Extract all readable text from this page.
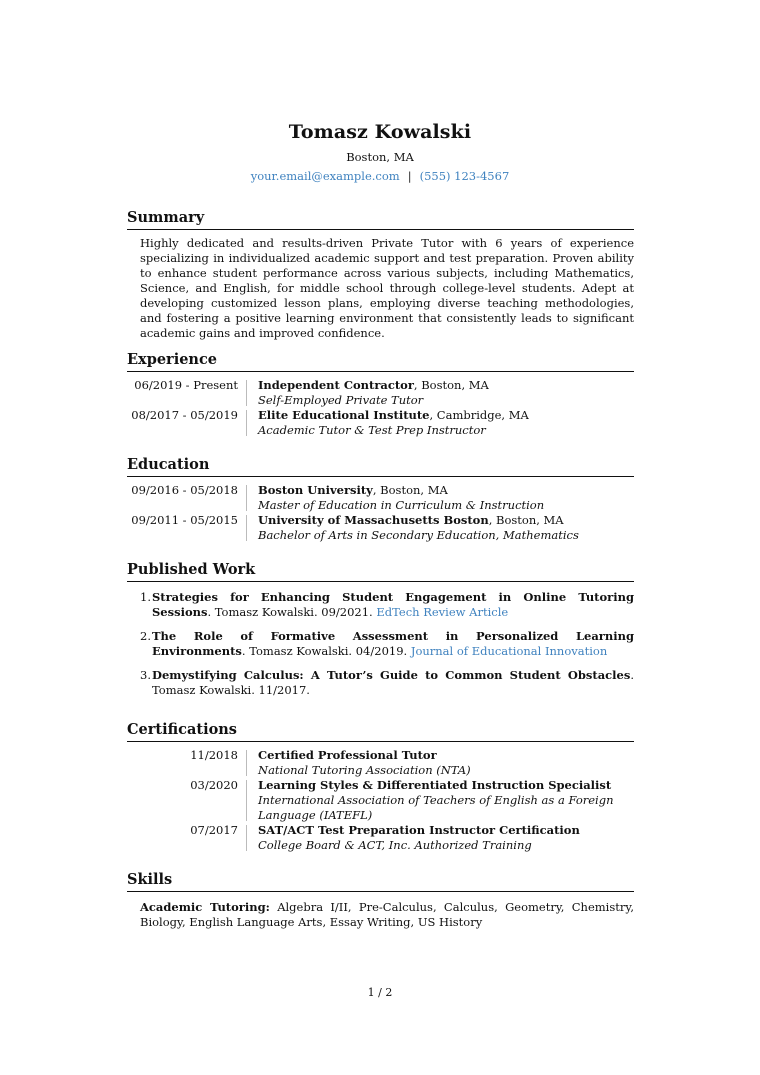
Tomasz Kowalski
Boston, MA
your.email@example.com | (555) 123-4567
Summary
Highly dedicated and results-driven Private Tutor with 6 years of experience specializing in individualized academic support and test preparation. Proven ability to enhance student performance across various subjects, including Mathematics, Science, and English, for middle school through college-level students. Adept at developing customized lesson plans, employing diverse teaching methodologies, and fostering a positive learning environment that consistently leads to significant academic gains and improved confidence.
Experience
06/2019 - Present Independent Contractor, Boston, MA
Self-Employed Private Tutor
08/2017 - 05/2019 Elite Educational Institute, Cambridge, MA
Academic Tutor & Test Prep Instructor
Education
09/2016 - 05/2018 Boston University, Boston, MA
Master of Education in Curriculum & Instruction
09/2011 - 05/2015 University of Massachusetts Boston, Boston, MA
Bachelor of Arts in Secondary Education, Mathematics
Published Work
1. Strategies for Enhancing Student Engagement in Online Tutoring Sessions. Tomasz Kowalski. 09/2021. EdTech Review Article
2. The Role of Formative Assessment in Personalized Learning Environments. Tomasz Kowalski. 04/2019. Journal of Educational Innovation
3. Demystifying Calculus: A Tutor’s Guide to Common Student Obstacles. Tomasz Kowalski. 11/2017.
Certifications
11/2018 Certified Professional Tutor
National Tutoring Association (NTA)
03/2020 Learning Styles & Differentiated Instruction Specialist
International Association of Teachers of English as a Foreign Language (IATEFL)
07/2017 SAT/ACT Test Preparation Instructor Certification
College Board & ACT, Inc. Authorized Training
Skills
Academic Tutoring: Algebra I/II, Pre-Calculus, Calculus, Geometry, Chemistry, Biology, English Language Arts, Essay Writing, US History
1 / 2
